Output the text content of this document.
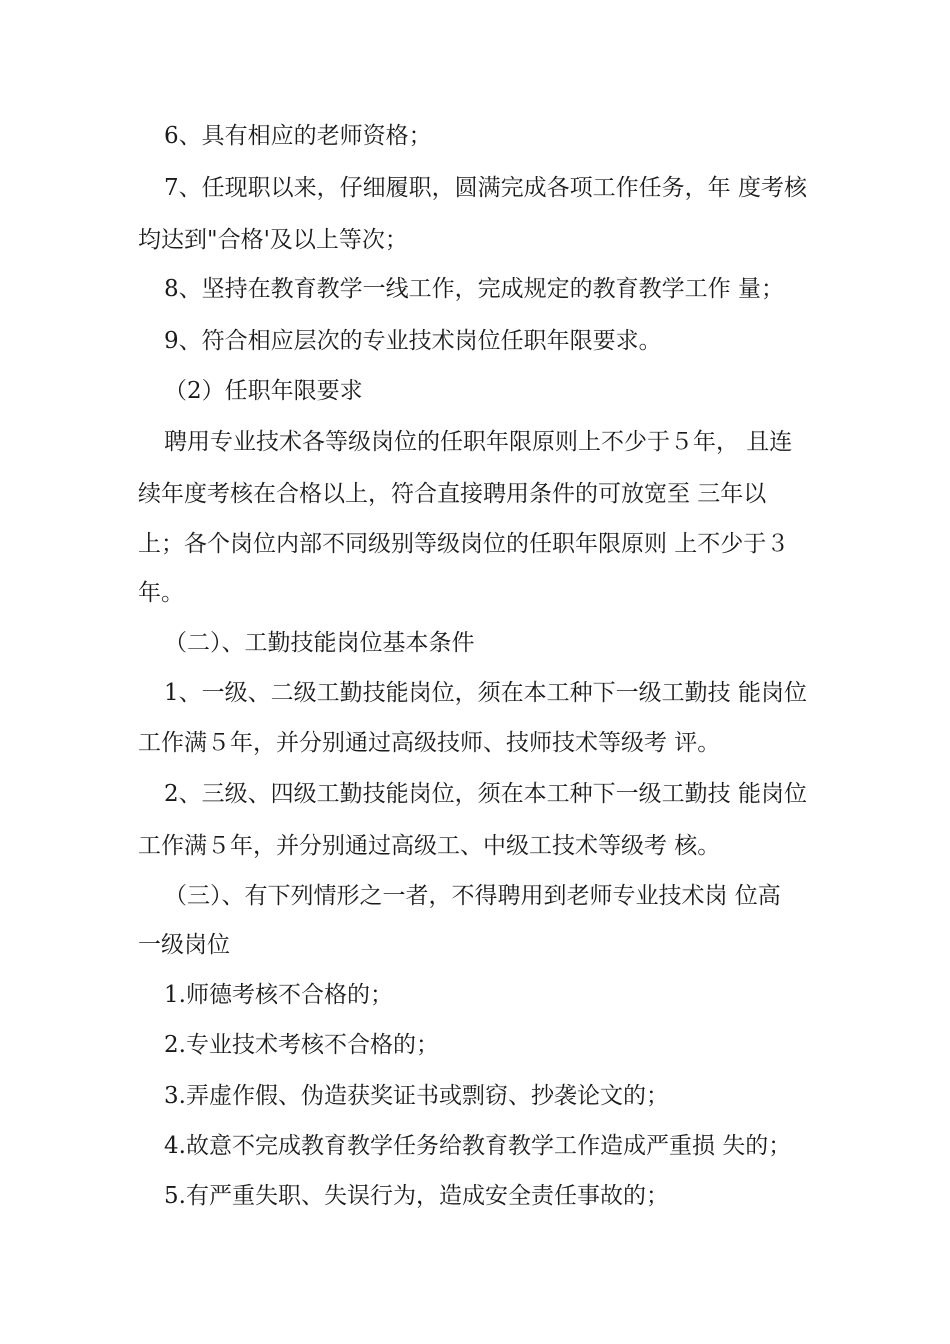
6、具有相应的老师资格；
7、任现职以来，仔细履职，圆满完成各项工作任务，年 度考核
均达到"合格'及以上等次；
8、坚持在教育教学一线工作，完成规定的教育教学工作 量；
9、符合相应层次的专业技术岗位任职年限要求。
（2）任职年限要求
聘用专业技术各等级岗位的任职年限原则上不少于５年， 且连
续年度考核在合格以上，符合直接聘用条件的可放宽至 三年以
上；各个岗位内部不同级别等级岗位的任职年限原则 上不少于３
年。
（二）、工勤技能岗位基本条件
1、一级、二级工勤技能岗位，须在本工种下一级工勤技 能岗位
工作满５年，并分别通过高级技师、技师技术等级考 评。
2、三级、四级工勤技能岗位，须在本工种下一级工勤技 能岗位
工作满５年，并分别通过高级工、中级工技术等级考 核。
（三）、有下列情形之一者，不得聘用到老师专业技术岗 位高
一级岗位
1.师德考核不合格的；
2.专业技术考核不合格的；
3.弄虚作假、伪造获奖证书或剽窃、抄袭论文的；
4.故意不完成教育教学任务给教育教学工作造成严重损 失的；
5.有严重失职、失误行为，造成安全责任事故的；
